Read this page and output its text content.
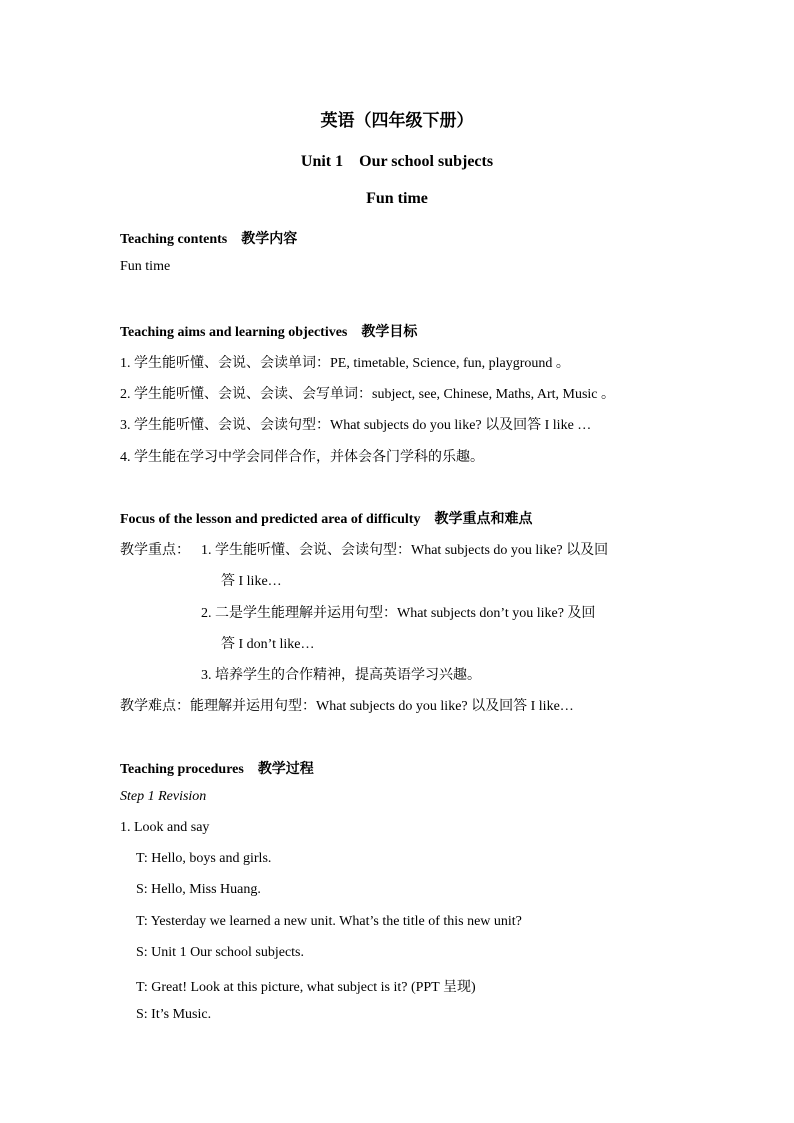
英语（四年级下册）
Unit 1　Our school subjects
Fun time
Teaching contents 教学内容
Fun time
Teaching aims and learning objectives 教学目标
1. 学生能听懂、会说、会读单词：PE, timetable, Science, fun, playground 。
2. 学生能听懂、会说、会读、会写单词：subject, see, Chinese, Maths, Art, Music 。
3. 学生能听懂、会说、会读句型：What subjects do you like? 以及回答 I like …
4. 学生能在学习中学会同伴合作，并体会各门学科的乐趣。
Focus of the lesson and predicted area of difficulty 教学重点和难点
教学重点： 1. 学生能听懂、会说、会读句型：What subjects do you like? 以及回
答 I like…
2. 二是学生能理解并运用句型：What subjects don’t you like? 及回
答 I don’t like…
3. 培养学生的合作精神，提高英语学习兴趣。
教学难点：能理解并运用句型：What subjects do you like? 以及回答 I like…
Teaching procedures 教学过程
Step 1 Revision
1. Look and say
T: Hello, boys and girls.
S: Hello, Miss Huang.
T: Yesterday we learned a new unit. What’s the title of this new unit?
S: Unit 1 Our school subjects.
T: Great! Look at this picture, what subject is it? (PPT 呈现)
S: It’s Music.
